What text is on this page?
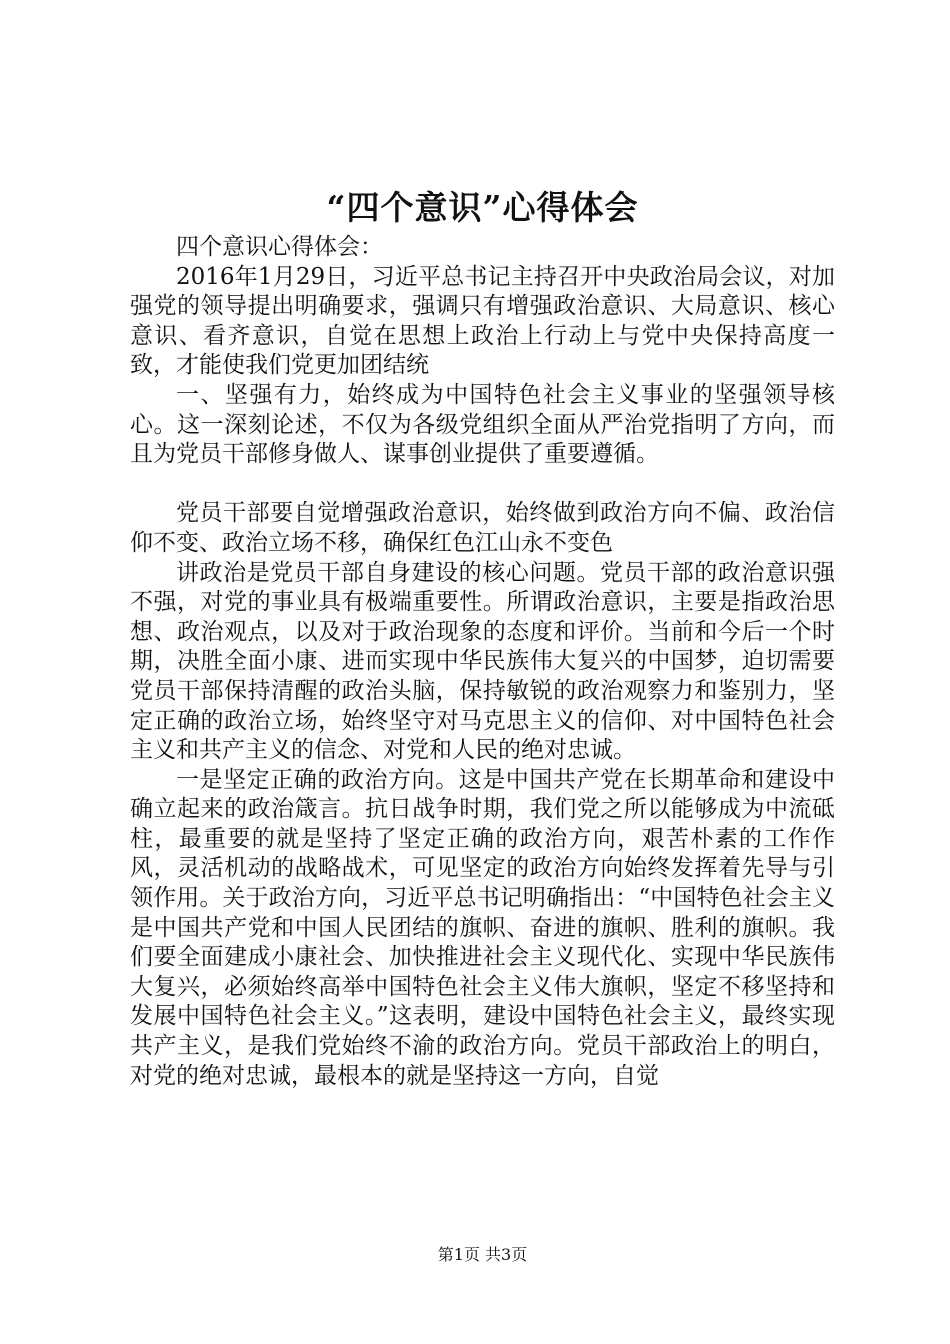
“四个意识”心得体会

四个意识心得体会：

2016年1月29日，习近平总书记主持召开中央政治局会议，对加强党的领导提出明确要求，强调只有增强政治意识、大局意识、核心意识、看齐意识，自觉在思想上政治上行动上与党中央保持高度一致，才能使我们党更加团结统

一、坚强有力，始终成为中国特色社会主义事业的坚强领导核心。这一深刻论述，不仅为各级党组织全面从严治党指明了方向，而且为党员干部修身做人、谋事创业提供了重要遵循。

党员干部要自觉增强政治意识，始终做到政治方向不偏、政治信仰不变、政治立场不移，确保红色江山永不变色

讲政治是党员干部自身建设的核心问题。党员干部的政治意识强不强，对党的事业具有极端重要性。所谓政治意识，主要是指政治思想、政治观点，以及对于政治现象的态度和评价。当前和今后一个时期，决胜全面小康、进而实现中华民族伟大复兴的中国梦，迫切需要党员干部保持清醒的政治头脑，保持敏锐的政治观察力和鉴别力，坚定正确的政治立场，始终坚守对马克思主义的信仰、对中国特色社会主义和共产主义的信念、对党和人民的绝对忠诚。

一是坚定正确的政治方向。这是中国共产党在长期革命和建设中确立起来的政治箴言。抗日战争时期，我们党之所以能够成为中流砥柱，最重要的就是坚持了坚定正确的政治方向，艰苦朴素的工作作风，灵活机动的战略战术，可见坚定的政治方向始终发挥着先导与引领作用。关于政治方向，习近平总书记明确指出：“中国特色社会主义是中国共产党和中国人民团结的旗帜、奋进的旗帜、胜利的旗帜。我们要全面建成小康社会、加快推进社会主义现代化、实现中华民族伟大复兴，必须始终高举中国特色社会主义伟大旗帜，坚定不移坚持和发展中国特色社会主义。”这表明，建设中国特色社会主义，最终实现共产主义，是我们党始终不渝的政治方向。党员干部政治上的明白，对党的绝对忠诚，最根本的就是坚持这一方向，自觉

第1页 共3页
